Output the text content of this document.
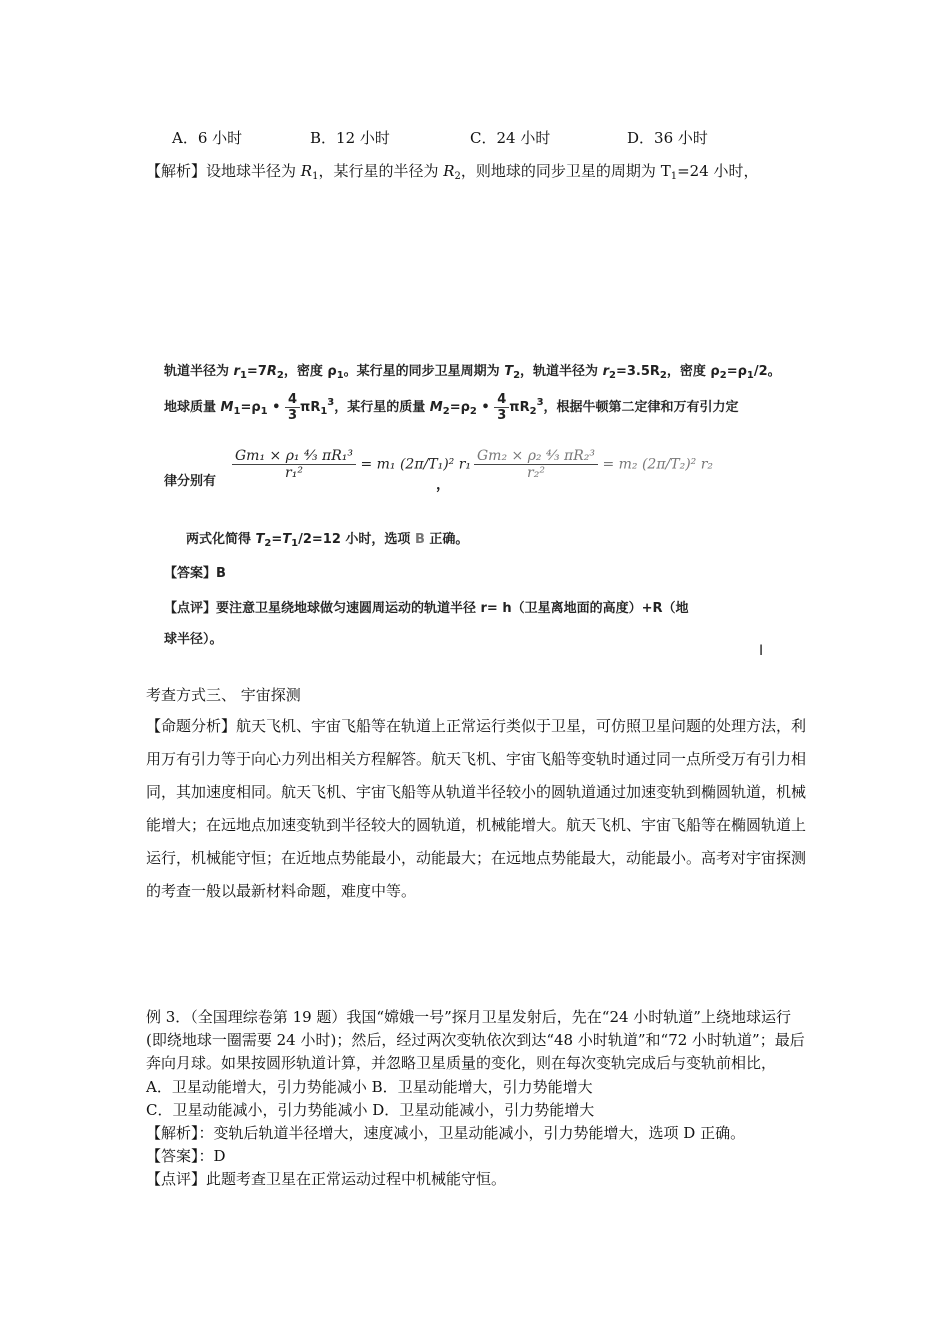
A．6 小时	B．12 小时	C．24 小时	D．36 小时
【解析】设地球半径为 $R_1$，某行星的半径为 $R_2$，则地球的同步卫星的周期为 $T_1=24$ 小时，
轨道半径为 $r_1=7R_2$，密度 $\rho_1$。某行星的同步卫星周期为 $T_2$，轨道半径为 $r_2=3.5R_2$，密度 $\rho_2=\rho_1/2$。
地球质量 $M_1=\rho_1$ • $\frac{4}{3} \pi R_1^3$，某行星的质量 $M_2=\rho_2$ • $\frac{4}{3} \pi R_2^3$，根据牛顿第二定律和万有引力定
律分别有
$\frac{\text{Gm₁ × ρ₁ ⁴⁄₃ πR₁³}}{\text{r₁²}} = m_1$ (2π/T₁)² r₁
，
$\frac{\text{Gm₂ × ρ₂ ⁴⁄₃ πR₂³}}{\text{r₂²}} = m_2$ (2π/T₂)² r₂
两式化简得 $T_2=T_1/2=12$ 小时，选项 B 正确。
【答案】B
【点评】要注意卫星绕地球做匀速圆周运动的轨道半径 r= h（卫星离地面的高度）+R（地
球半径）。
I
考查方式三、 宇宙探测
【命题分析】航天飞机、宇宙飞船等在轨道上正常运行类似于卫星，可仿照卫星问题的处理方法，利用万有引力等于向心力列出相关方程解答。航天飞机、宇宙飞船等变轨时通过同一点所受万有引力相同，其加速度相同。航天飞机、宇宙飞船等从轨道半径较小的圆轨道通过加速变轨到椭圆轨道，机械能增大；在远地点加速变轨到半径较大的圆轨道，机械能增大。航天飞机、宇宙飞船等在椭圆轨道上运行，机械能守恒；在近地点势能最小，动能最大；在远地点势能最大，动能最小。高考对宇宙探测的考查一般以最新材料命题，难度中等。
例 3．（全国理综卷第 19 题）我国“嫦娥一号”探月卫星发射后，先在“24 小时轨道”上绕地球运行(即绕地球一圈需要 24 小时)；然后，经过两次变轨依次到达“48 小时轨道”和“72 小时轨道”；最后奔向月球。如果按圆形轨道计算，并忽略卫星质量的变化，则在每次变轨完成后与变轨前相比，
A．卫星动能增大，引力势能减小 B．卫星动能增大，引力势能增大
C．卫星动能减小，引力势能减小 D．卫星动能减小，引力势能增大
【解析】：变轨后轨道半径增大，速度减小，卫星动能减小，引力势能增大，选项 D 正确。
【答案】：D
【点评】此题考查卫星在正常运动过程中机械能守恒。
